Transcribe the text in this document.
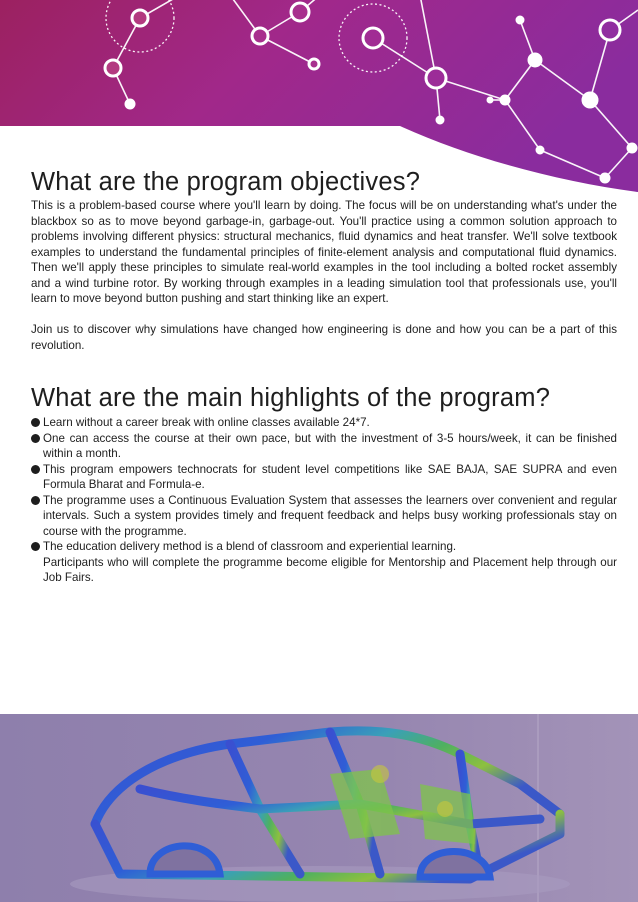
What are the program objectives?

This is a problem-based course where you'll learn by doing. The focus will be on understanding what's under the blackbox so as to move beyond garbage-in, garbage-out. You'll practice using a common solution approach to problems involving different physics: structural mechanics, fluid dynamics and heat transfer. We'll solve textbook examples to understand the fundamental principles of finite-element analysis and computational fluid dynamics. Then we'll apply these principles to simulate real-world examples in the tool including a bolted rocket assembly and a wind turbine rotor. By working through examples in a leading simulation tool that professionals use, you'll learn to move beyond button pushing and start thinking like an expert.

Join us to discover why simulations have changed how engineering is done and how you can be a part of this revolution.

What are the main highlights of the program?
Learn without a career break with online classes available 24*7.
One can access the course at their own pace, but with the investment of 3-5 hours/week, it can be finished within a month.
This program empowers technocrats for student level competitions like SAE BAJA, SAE SUPRA and even Formula Bharat and Formula-e.
The programme uses a Continuous Evaluation System that assesses the learners over convenient and regular intervals. Such a system provides timely and frequent feedback and helps busy working professionals stay on course with the programme.
The education delivery method is a blend of classroom and experiential learning.
Participants who will complete the programme become eligible for Mentorship and Placement help through our Job Fairs.
